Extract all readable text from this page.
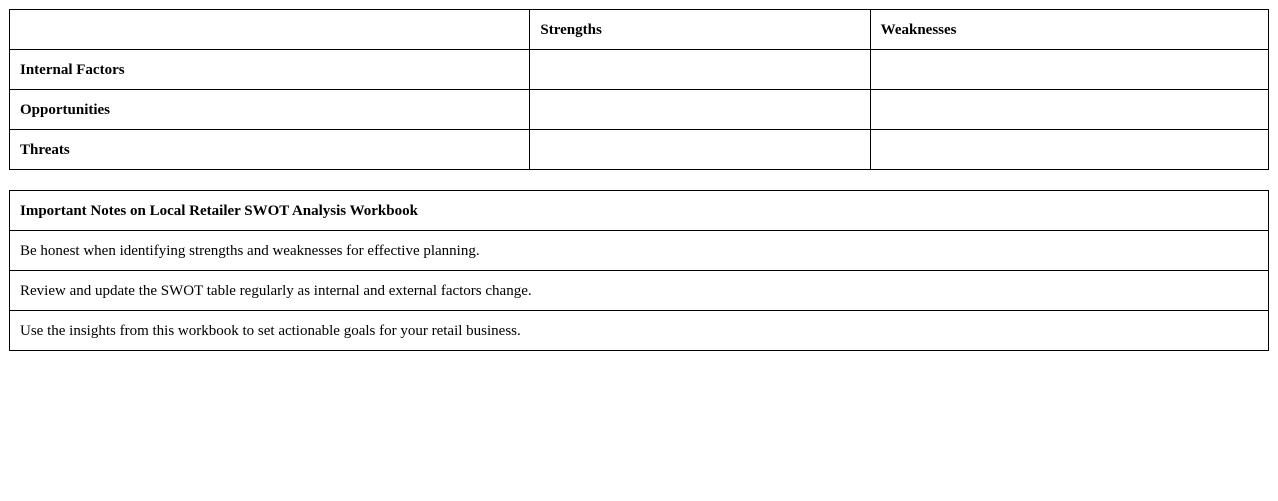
	Strengths	Weaknesses
Internal Factors		
Opportunities		
Threats		
Important Notes on Local Retailer SWOT Analysis Workbook
Be honest when identifying strengths and weaknesses for effective planning.
Review and update the SWOT table regularly as internal and external factors change.
Use the insights from this workbook to set actionable goals for your retail business.
